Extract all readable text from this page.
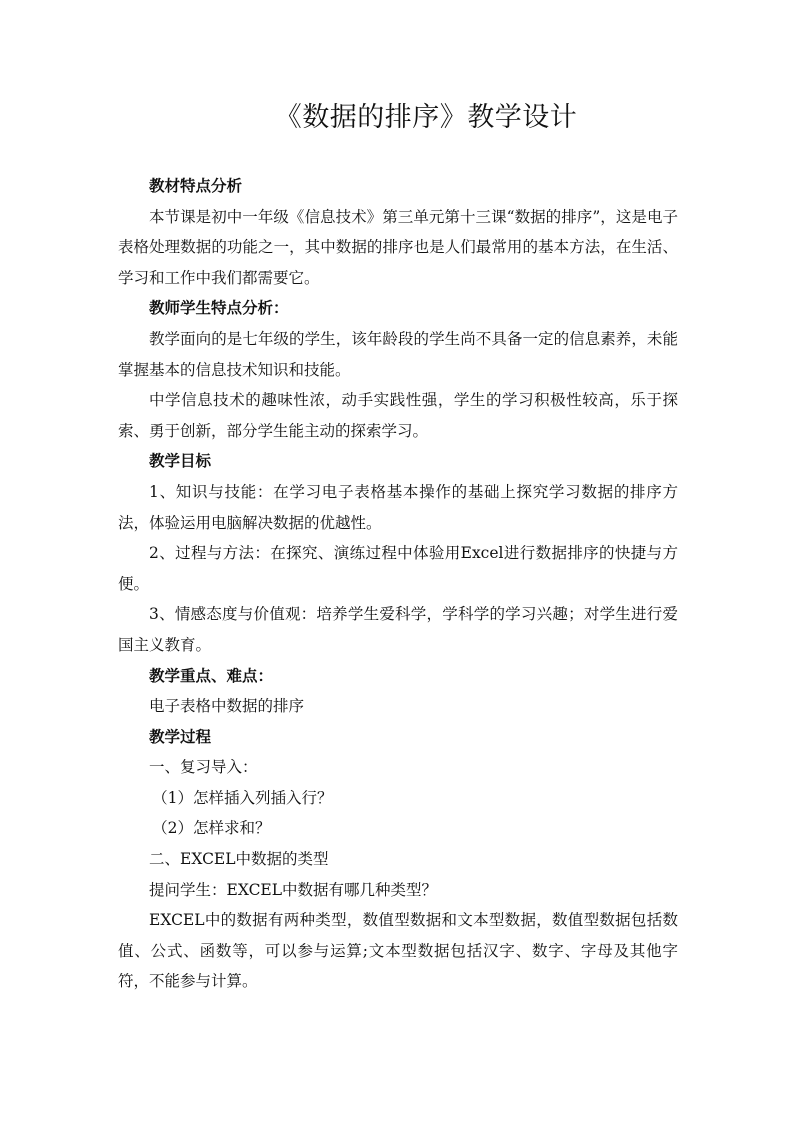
《数据的排序》教学设计

教材特点分析

本节课是初中一年级《信息技术》第三单元第十三课“数据的排序”，这是电子表格处理数据的功能之一，其中数据的排序也是人们最常用的基本方法，在生活、学习和工作中我们都需要它。

教师学生特点分析：

教学面向的是七年级的学生，该年龄段的学生尚不具备一定的信息素养，未能掌握基本的信息技术知识和技能。

中学信息技术的趣味性浓，动手实践性强，学生的学习积极性较高，乐于探索、勇于创新，部分学生能主动的探索学习。

教学目标

1、知识与技能：在学习电子表格基本操作的基础上探究学习数据的排序方法，体验运用电脑解决数据的优越性。

2、过程与方法：在探究、演练过程中体验用Excel进行数据排序的快捷与方便。

3、情感态度与价值观：培养学生爱科学，学科学的学习兴趣；对学生进行爱国主义教育。

教学重点、难点：

电子表格中数据的排序

教学过程

一、复习导入：

（1）怎样插入列插入行？

（2）怎样求和？

二、EXCEL中数据的类型

提问学生：EXCEL中数据有哪几种类型？

EXCEL中的数据有两种类型，数值型数据和文本型数据，数值型数据包括数值、公式、函数等，可以参与运算;文本型数据包括汉字、数字、字母及其他字符，不能参与计算。
